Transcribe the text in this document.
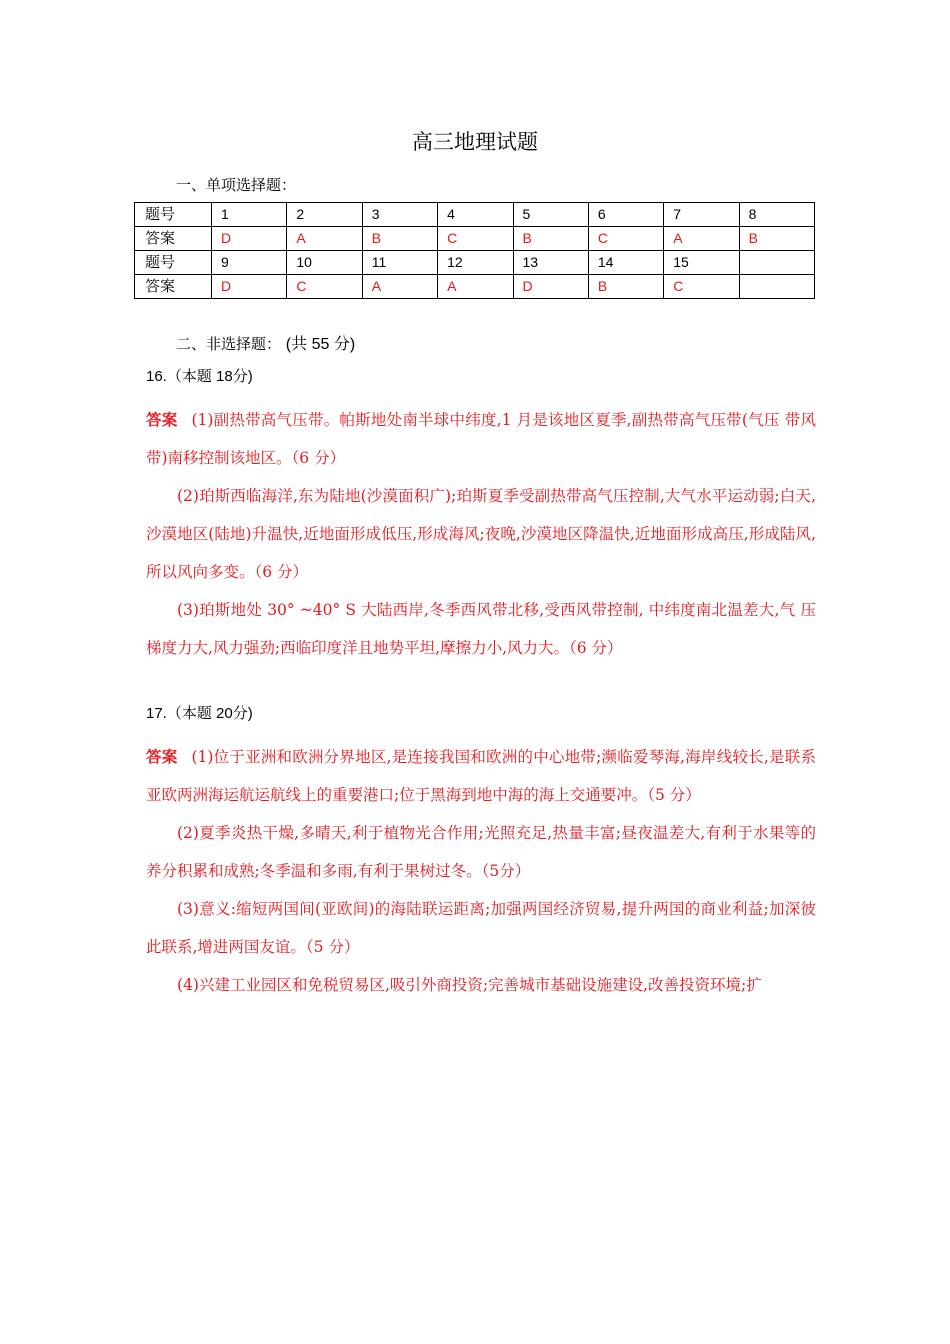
高三地理试题
一、单项选择题：
题号	1	2	3	4	5	6	7	8
答案	D	A	B	C	B	C	A	B
题号	9	10	11	12	13	14	15	
答案	D	C	A	A	D	B	C	
二、非选择题： (共 55 分)
16.（本题 18分)

答案 (1)副热带高气压带。帕斯地处南半球中纬度,1 月是该地区夏季,副热带高气压带(气压 带风带)南移控制该地区。（6 分）

(2)珀斯西临海洋,东为陆地(沙漠面积广);珀斯夏季受副热带高气压控制,大气水平运动弱;白天,沙漠地区(陆地)升温快,近地面形成低压,形成海风;夜晚,沙漠地区降温快,近地面形成高压,形成陆风,所以风向多变。（6 分）

(3)珀斯地处 30° ~40° S 大陆西岸,冬季西风带北移,受西风带控制, 中纬度南北温差大,气 压梯度力大,风力强劲;西临印度洋且地势平坦,摩擦力小,风力大。（6 分）

17.（本题 20分)

答案 (1)位于亚洲和欧洲分界地区,是连接我国和欧洲的中心地带;濒临爱琴海,海岸线较长,是联系亚欧两洲海运航运航线上的重要港口;位于黑海到地中海的海上交通要冲。（5 分）

(2)夏季炎热干燥,多晴天,利于植物光合作用;光照充足,热量丰富;昼夜温差大,有利于水果等的养分积累和成熟;冬季温和多雨,有利于果树过冬。（5分）

(3)意义:缩短两国间(亚欧间)的海陆联运距离;加强两国经济贸易,提升两国的商业利益;加深彼此联系,增进两国友谊。（5 分）

(4)兴建工业园区和免税贸易区,吸引外商投资;完善城市基础设施建设,改善投资环境;扩
